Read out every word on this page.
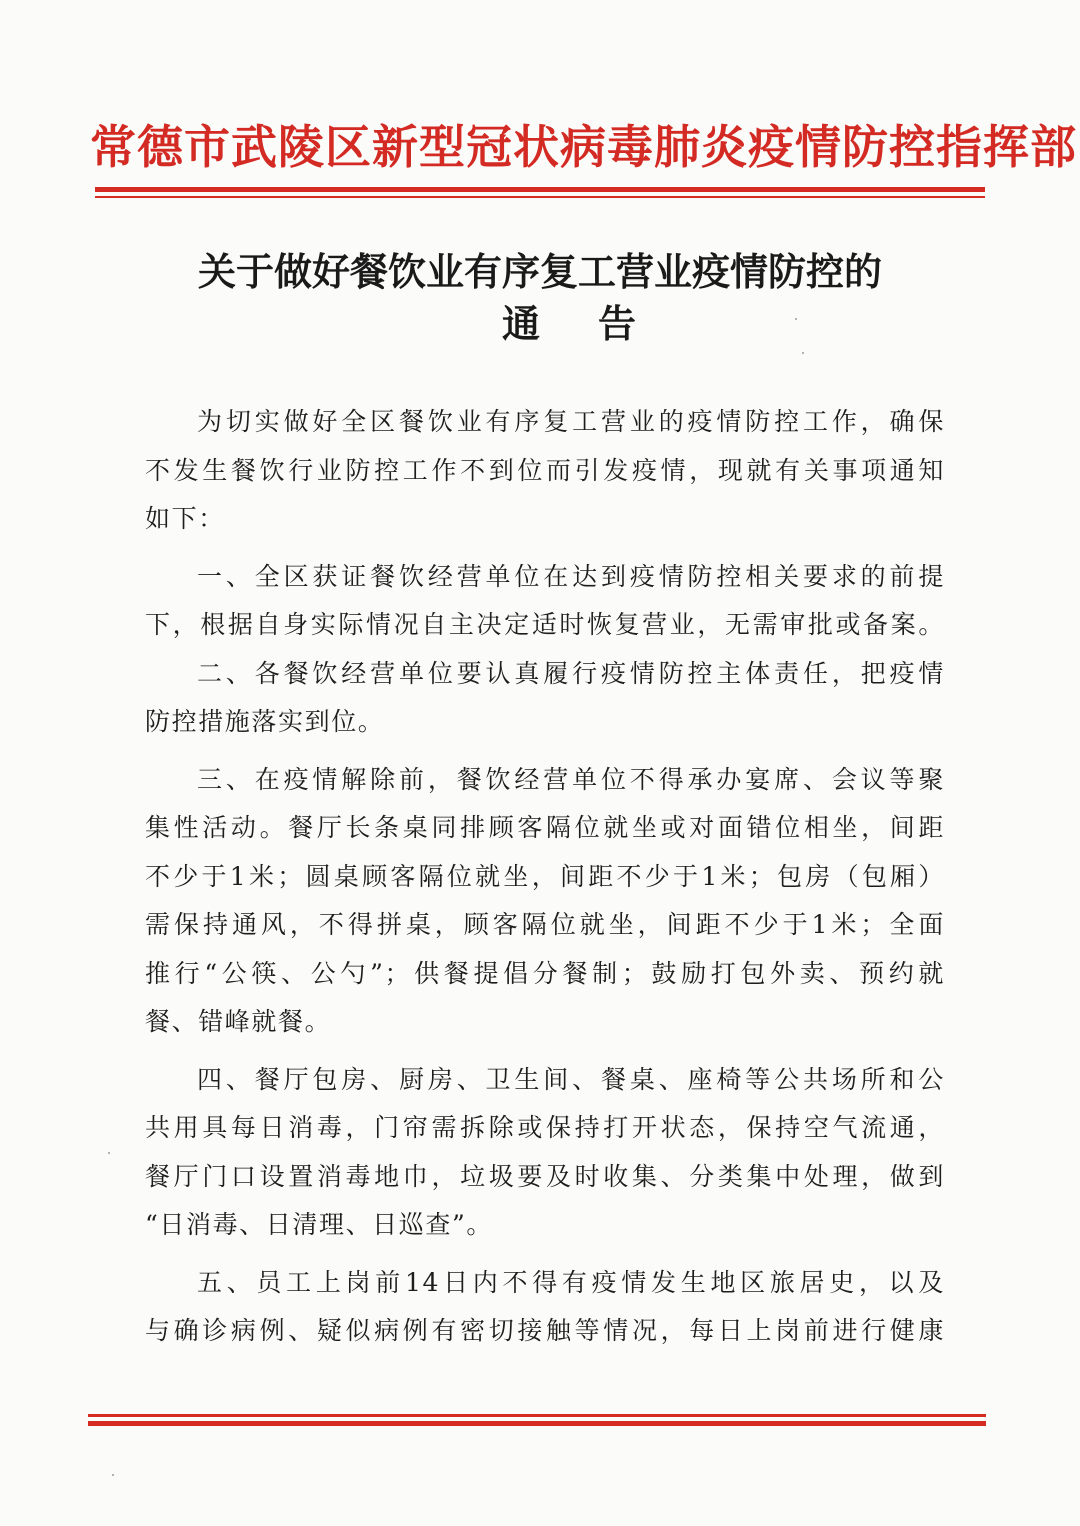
常德市武陵区新型冠状病毒肺炎疫情防控指挥部
关于做好餐饮业有序复工营业疫情防控的
通告
为切实做好全区餐饮业有序复工营业的疫情防控工作，确保
不发生餐饮行业防控工作不到位而引发疫情，现就有关事项通知
如下：
一、全区获证餐饮经营单位在达到疫情防控相关要求的前提
下，根据自身实际情况自主决定适时恢复营业，无需审批或备案。
二、各餐饮经营单位要认真履行疫情防控主体责任，把疫情
防控措施落实到位。
三、在疫情解除前，餐饮经营单位不得承办宴席、会议等聚
集性活动。餐厅长条桌同排顾客隔位就坐或对面错位相坐，间距
不少于1米；圆桌顾客隔位就坐，间距不少于1米；包房（包厢）
需保持通风，不得拼桌，顾客隔位就坐，间距不少于1米；全面
推行“公筷、公勺”；供餐提倡分餐制；鼓励打包外卖、预约就
餐、错峰就餐。
四、餐厅包房、厨房、卫生间、餐桌、座椅等公共场所和公
共用具每日消毒，门帘需拆除或保持打开状态，保持空气流通，
餐厅门口设置消毒地巾，垃圾要及时收集、分类集中处理，做到
“日消毒、日清理、日巡查”。
五、员工上岗前14日内不得有疫情发生地区旅居史，以及
与确诊病例、疑似病例有密切接触等情况，每日上岗前进行健康
